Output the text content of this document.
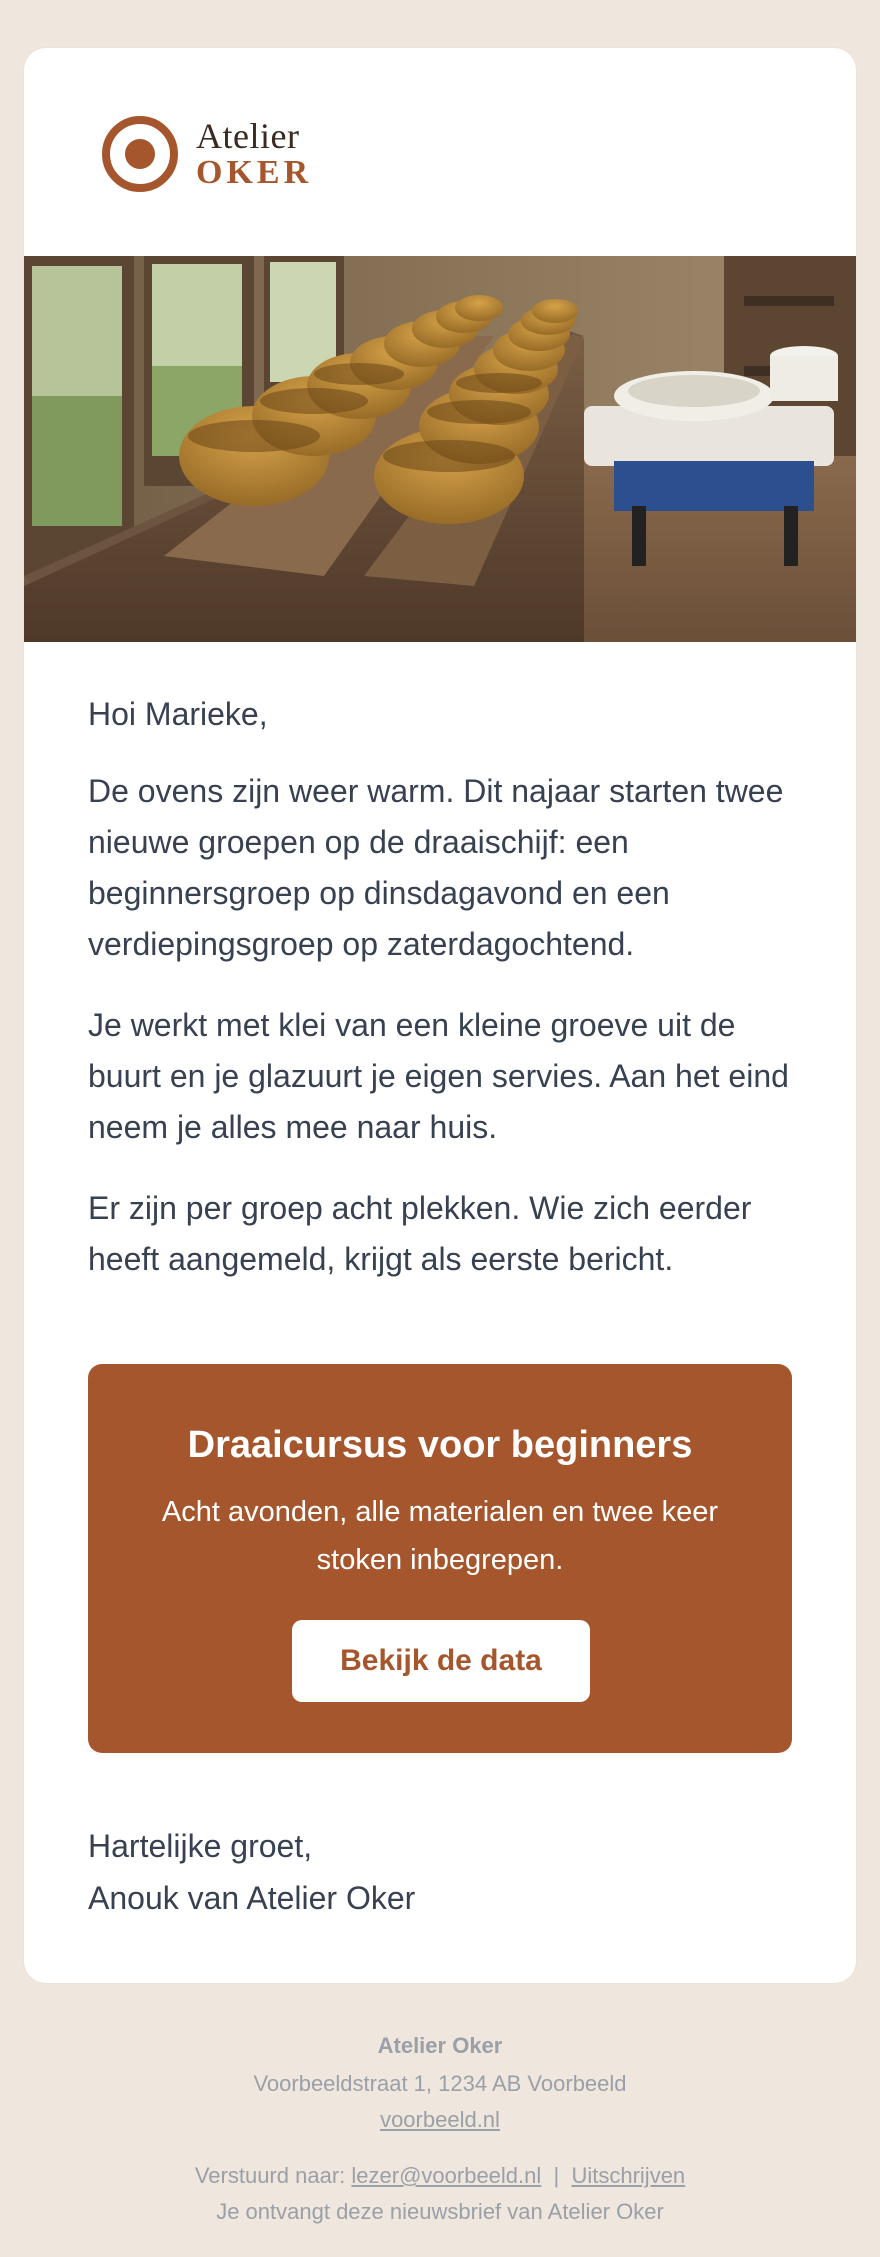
Atelier
OKER

Hoi Marieke,

De ovens zijn weer warm. Dit najaar starten twee nieuwe groepen op de draaischijf: een beginnersgroep op dinsdagavond en een verdiepingsgroep op zaterdagochtend.

Je werkt met klei van een kleine groeve uit de buurt en je glazuurt je eigen servies. Aan het eind neem je alles mee naar huis.

Er zijn per groep acht plekken. Wie zich eerder heeft aangemeld, krijgt als eerste bericht.

Draaicursus voor beginners

Acht avonden, alle materialen en twee keer stoken inbegrepen.

Bekijk de data
Hartelijke groet,
Anouk van Atelier Oker
Atelier Oker
Voorbeeldstraat 1, 1234 AB Voorbeeld
voorbeeld.nl
Verstuurd naar: lezer@voorbeeld.nl | Uitschrijven
Je ontvangt deze nieuwsbrief van Atelier Oker
